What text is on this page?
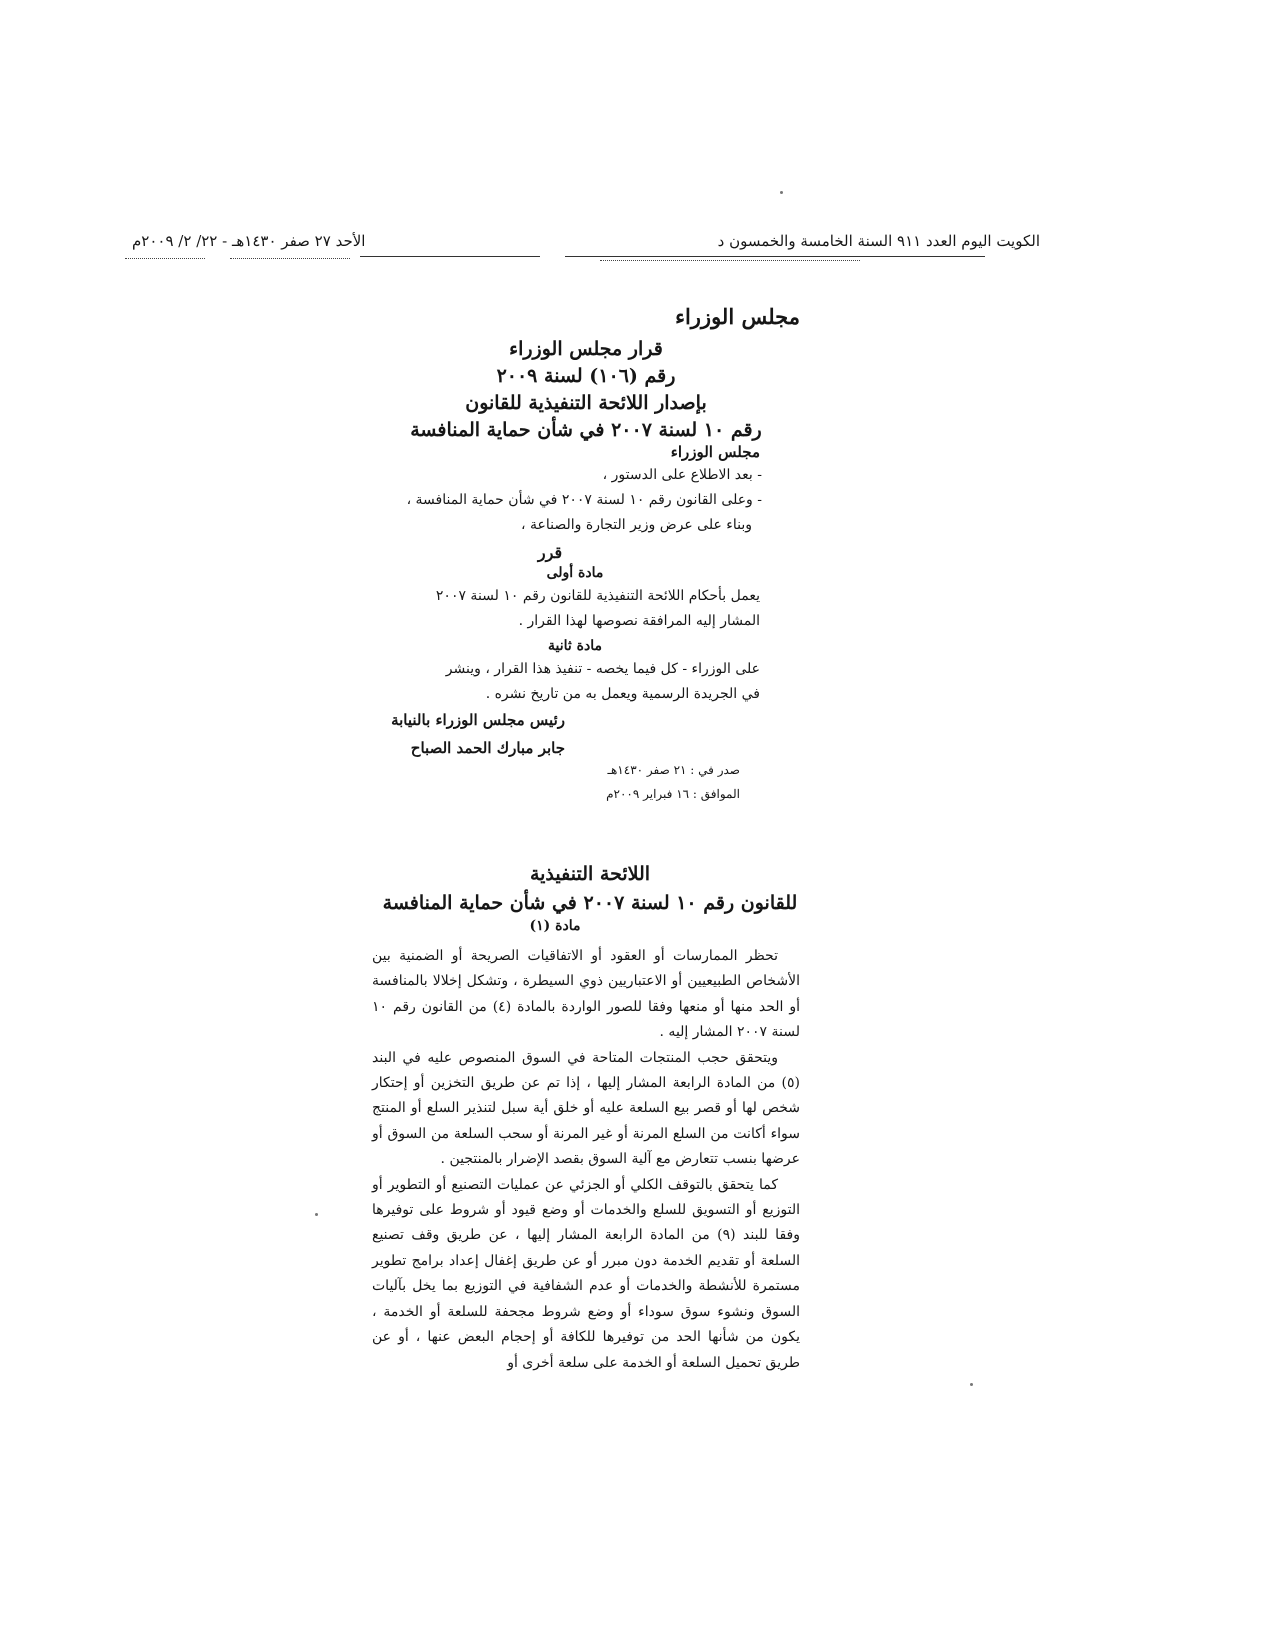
الكويت اليوم العدد ٩١١ السنة الخامسة والخمسون د
الأحد ٢٧ صفر ١٤٣٠هـ - ٢٢/ ٢/ ٢٠٠٩م
مجلس الوزراء
قرار مجلس الوزراء
رقم (١٠٦) لسنة ٢٠٠٩
بإصدار اللائحة التنفيذية للقانون
رقم ١٠ لسنة ٢٠٠٧ في شأن حماية المنافسة
مجلس الوزراء
- بعد الاطلاع على الدستور ،
- وعلى القانون رقم ١٠ لسنة ٢٠٠٧ في شأن حماية المنافسة ،
وبناء على عرض وزير التجارة والصناعة ،
قرر
مادة أولى
يعمل بأحكام اللائحة التنفيذية للقانون رقم ١٠ لسنة ٢٠٠٧
المشار إليه المرافقة نصوصها لهذا القرار .
مادة ثانية
على الوزراء - كل فيما يخصه - تنفيذ هذا القرار ، وينشر
في الجريدة الرسمية ويعمل به من تاريخ نشره .
رئيس مجلس الوزراء بالنيابة
جابر مبارك الحمد الصباح
صدر في : ٢١ صفر ١٤٣٠هـ
الموافق : ١٦ فبراير ٢٠٠٩م
اللائحة التنفيذية
للقانون رقم ١٠ لسنة ٢٠٠٧ في شأن حماية المنافسة
مادة (١)

تحظر الممارسات أو العقود أو الاتفاقيات الصريحة أو الضمنية بين الأشخاص الطبيعيين أو الاعتباريين ذوي السيطرة ، وتشكل إخلالا بالمنافسة أو الحد منها أو منعها وفقا للصور الواردة بالمادة (٤) من القانون رقم ١٠ لسنة ٢٠٠٧ المشار إليه .

ويتحقق حجب المنتجات المتاحة في السوق المنصوص عليه في البند (٥) من المادة الرابعة المشار إليها ، إذا تم عن طريق التخزين أو إحتكار شخص لها أو قصر بيع السلعة عليه أو خلق أية سبل لتنذير السلع أو المنتج سواء أكانت من السلع المرنة أو غير المرنة أو سحب السلعة من السوق أو عرضها بنسب تتعارض مع آلية السوق بقصد الإضرار بالمنتجين .

كما يتحقق بالتوقف الكلي أو الجزئي عن عمليات التصنيع أو التطوير أو التوزيع أو التسويق للسلع والخدمات أو وضع قيود أو شروط على توفيرها وفقا للبند (٩) من المادة الرابعة المشار إليها ، عن طريق وقف تصنيع السلعة أو تقديم الخدمة دون مبرر أو عن طريق إغفال إعداد برامج تطوير مستمرة للأنشطة والخدمات أو عدم الشفافية في التوزيع بما يخل بآليات السوق ونشوء سوق سوداء أو وضع شروط مجحفة للسلعة أو الخدمة ، يكون من شأنها الحد من توفيرها للكافة أو إحجام البعض عنها ، أو عن طريق تحميل السلعة أو الخدمة على سلعة أخرى أو
